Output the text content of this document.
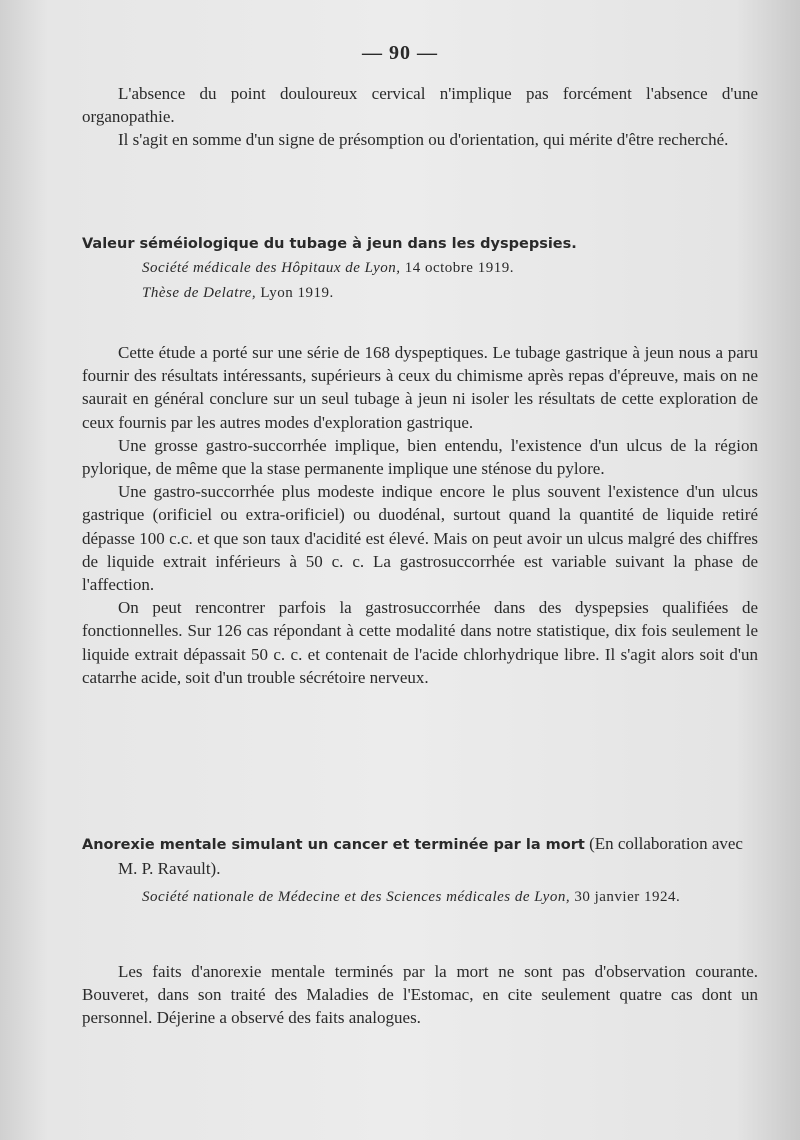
— 90 —

L'absence du point douloureux cervical n'implique pas forcément l'absence d'une organopathie.

Il s'agit en somme d'un signe de présomption ou d'orientation, qui mérite d'être recherché.

Valeur séméiologique du tubage à jeun dans les dyspepsies.

Société médicale des Hôpitaux de Lyon, 14 octobre 1919.

Thèse de Delatre, Lyon 1919.

Cette étude a porté sur une série de 168 dyspeptiques. Le tubage gastrique à jeun nous a paru fournir des résultats intéressants, supérieurs à ceux du chimisme après repas d'épreuve, mais on ne saurait en général conclure sur un seul tubage à jeun ni isoler les résultats de cette exploration de ceux fournis par les autres modes d'exploration gastrique.

Une grosse gastro-succorrhée implique, bien entendu, l'existence d'un ulcus de la région pylorique, de même que la stase permanente implique une sténose du pylore.

Une gastro-succorrhée plus modeste indique encore le plus souvent l'existence d'un ulcus gastrique (orificiel ou extra-orificiel) ou duodénal, surtout quand la quantité de liquide retiré dépasse 100 c.c. et que son taux d'acidité est élevé. Mais on peut avoir un ulcus malgré des chiffres de liquide extrait inférieurs à 50 c. c. La gastrosuccorrhée est variable suivant la phase de l'affection.

On peut rencontrer parfois la gastrosuccorrhée dans des dyspepsies qualifiées de fonctionnelles. Sur 126 cas répondant à cette modalité dans notre statistique, dix fois seulement le liquide extrait dépassait 50 c. c. et contenait de l'acide chlorhydrique libre. Il s'agit alors soit d'un catarrhe acide, soit d'un trouble sécrétoire nerveux.

Anorexie mentale simulant un cancer et terminée par la mort (En collaboration avec M. P. Ravault).

Société nationale de Médecine et des Sciences médicales de Lyon, 30 janvier 1924.

Les faits d'anorexie mentale terminés par la mort ne sont pas d'observation courante. Bouveret, dans son traité des Maladies de l'Estomac, en cite seulement quatre cas dont un personnel. Déjerine a observé des faits analogues.
